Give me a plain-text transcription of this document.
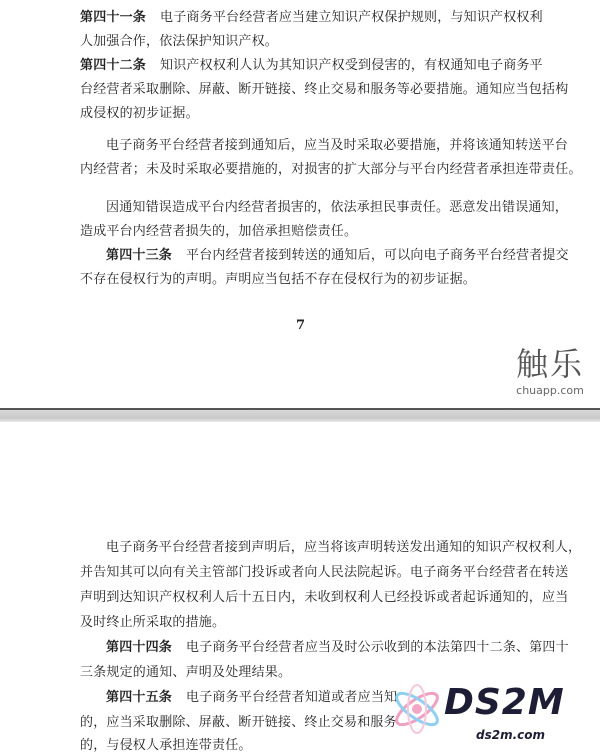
第四十一条 电子商务平台经营者应当建立知识产权保护规则，与知识产权权利
人加强合作，依法保护知识产权。
第四十二条 知识产权权利人认为其知识产权受到侵害的，有权通知电子商务平
台经营者采取删除、屏蔽、断开链接、终止交易和服务等必要措施。通知应当包括构
成侵权的初步证据。
电子商务平台经营者接到通知后，应当及时采取必要措施，并将该通知转送平台
内经营者；未及时采取必要措施的，对损害的扩大部分与平台内经营者承担连带责任。
因通知错误造成平台内经营者损害的，依法承担民事责任。恶意发出错误通知，
造成平台内经营者损失的，加倍承担赔偿责任。
第四十三条 平台内经营者接到转送的通知后，可以向电子商务平台经营者提交
不存在侵权行为的声明。声明应当包括不存在侵权行为的初步证据。
7
触乐
chuapp.com
电子商务平台经营者接到声明后，应当将该声明转送发出通知的知识产权权利人，
并告知其可以向有关主管部门投诉或者向人民法院起诉。电子商务平台经营者在转送
声明到达知识产权权利人后十五日内，未收到权利人已经投诉或者起诉通知的，应当
及时终止所采取的措施。
第四十四条 电子商务平台经营者应当及时公示收到的本法第四十二条、第四十
三条规定的通知、声明及处理结果。
第四十五条 电子商务平台经营者知道或者应当知
的，应当采取删除、屏蔽、断开链接、终止交易和服务
的，与侵权人承担连带责任。
DS2M
ds2m.com
